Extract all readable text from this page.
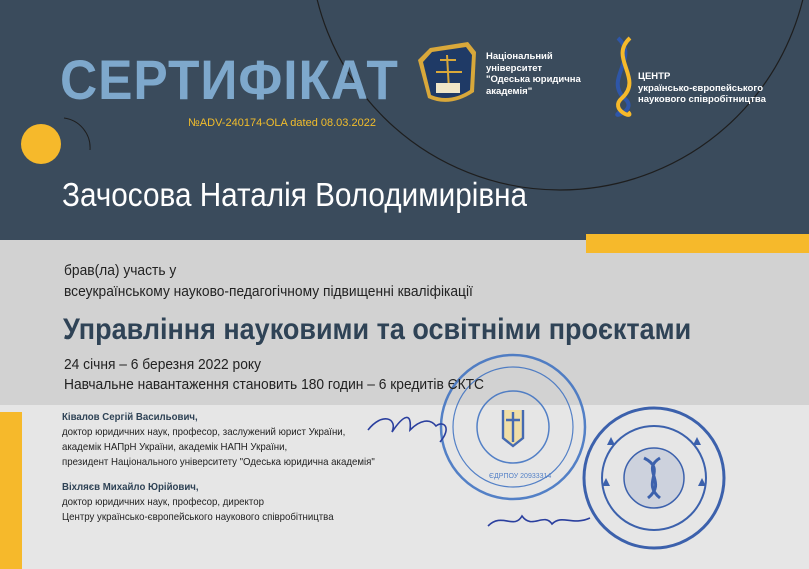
ЄДРПОУ 20933314
СЕРТИФІКАТ
№ADV-240174-OLA dated 08.03.2022
Національний
університет
"Одеська юридична
академія"
ЦЕНТР
українсько-європейського
наукового співробітництва
Зачосова Наталія Володимирівна
брав(ла) участь у
всеукраїнському науково-педагогічному підвищенні кваліфікації
Управління науковими та освітніми проєктами
24 січня – 6 березня 2022 року
Навчальне навантаження становить 180 годин – 6 кредитів ЄКТС
Ківалов Сергій Васильович,
доктор юридичних наук, професор, заслужений юрист України,
академік НАПрН України, академік НАПН України,
президент Національного університету "Одеська юридична академія"
Віхляєв Михайло Юрійович,
доктор юридичних наук, професор, директор
Центру українсько-європейського наукового співробітництва
